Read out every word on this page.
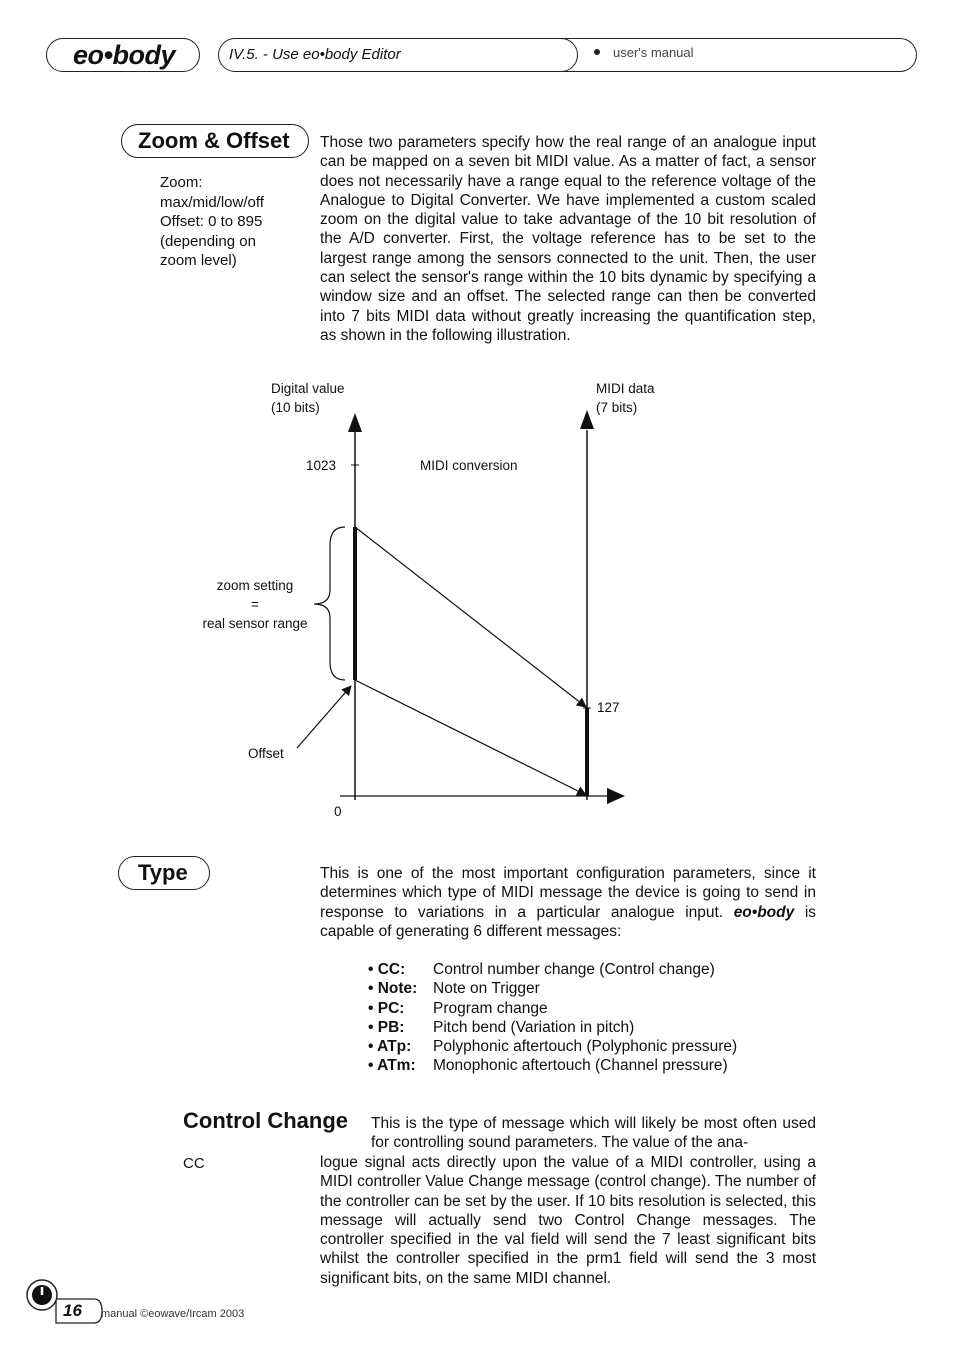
eo•body	IV.5. - Use eo•body Editor	user's manual
Zoom & Offset
Zoom:
max/mid/low/off
Offset: 0 to 895
(depending on
zoom level)
Those two parameters specify how the real range of an analogue input can be mapped on a seven bit MIDI value. As a matter of fact, a sensor does not necessarily have a range equal to the reference voltage of the Analogue to Digital Converter. We have implemented a custom scaled zoom on the digital value to take advantage of the 10 bit resolution of the A/D converter. First, the voltage reference has to be set to the largest range among the sensors connected to the unit. Then, the user can select the sensor's range within the 10 bits dynamic by specifying a window size and an offset. The selected range can then be converted into 7 bits MIDI data without greatly increasing the quantification step, as shown in the following illustration.
Digital value
(10 bits)
MIDI data
(7 bits)
1023	MIDI conversion
zoom setting
=
real sensor range
127
Offset
0
Type	This is one of the most important configuration parameters, since it determines which type of MIDI message the device is going to send in response to variations in a particular analogue input. eo•body is capable of generating 6 different messages:
• CC:	Control number change (Control change)
• Note:	Note on Trigger
• PC:	Program change
• PB:	Pitch bend (Variation in pitch)
• ATp:	Polyphonic aftertouch (Polyphonic pressure)
• ATm:	Monophonic aftertouch (Channel pressure)
Control Change
CC
This is the type of message which will likely be most often used for controlling sound parameters. The value of the ana-
logue signal acts directly upon the value of a MIDI controller, using a MIDI controller Value Change message (control change). The number of the controller can be set by the user. If 10 bits resolution is selected, this message will actually send two Control Change messages. The controller specified in the val field will send the 7 least significant bits whilst the controller specified in the prm1 field will send the 3 most significant bits, on the same MIDI channel.
16 manual ©eowave/Ircam 2003
